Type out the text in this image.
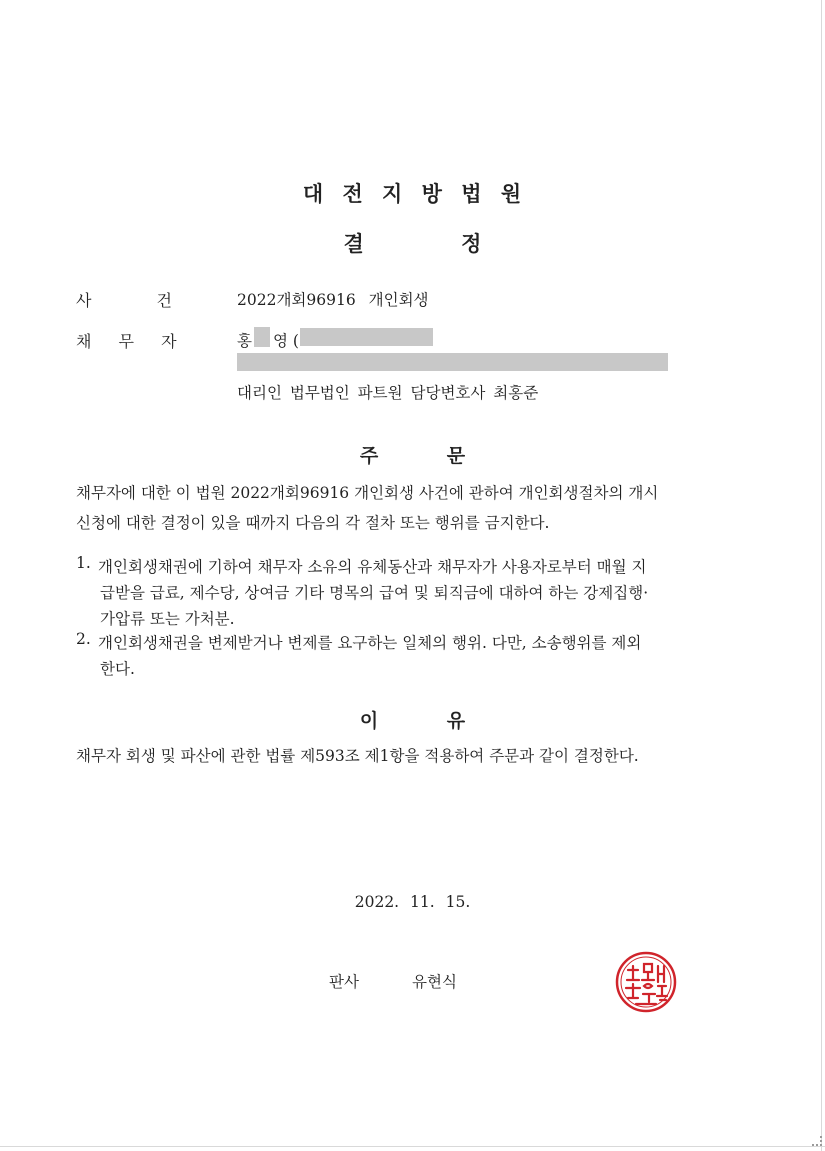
대 전 지 방 법 원
결 정
사 건	2022개회96916 개인회생
채 무 자	홍 영 (
대리인 법무법인 파트원 담당변호사 최홍준
주 문
채무자에 대한 이 법원 2022개회96916 개인회생 사건에 관하여 개인회생절차의 개시
신청에 대한 결정이 있을 때까지 다음의 각 절차 또는 행위를 금지한다.
1. 개인회생채권에 기하여 채무자 소유의 유체동산과 채무자가 사용자로부터 매월 지
급받을 급료, 제수당, 상여금 기타 명목의 급여 및 퇴직금에 대하여 하는 강제집행·
가압류 또는 가처분.
2. 개인회생채권을 변제받거나 변제를 요구하는 일체의 행위. 다만, 소송행위를 제외
한다.
이 유
채무자 회생 및 파산에 관한 법률 제593조 제1항을 적용하여 주문과 같이 결정한다.
2022. 11. 15.
판사	유현식
